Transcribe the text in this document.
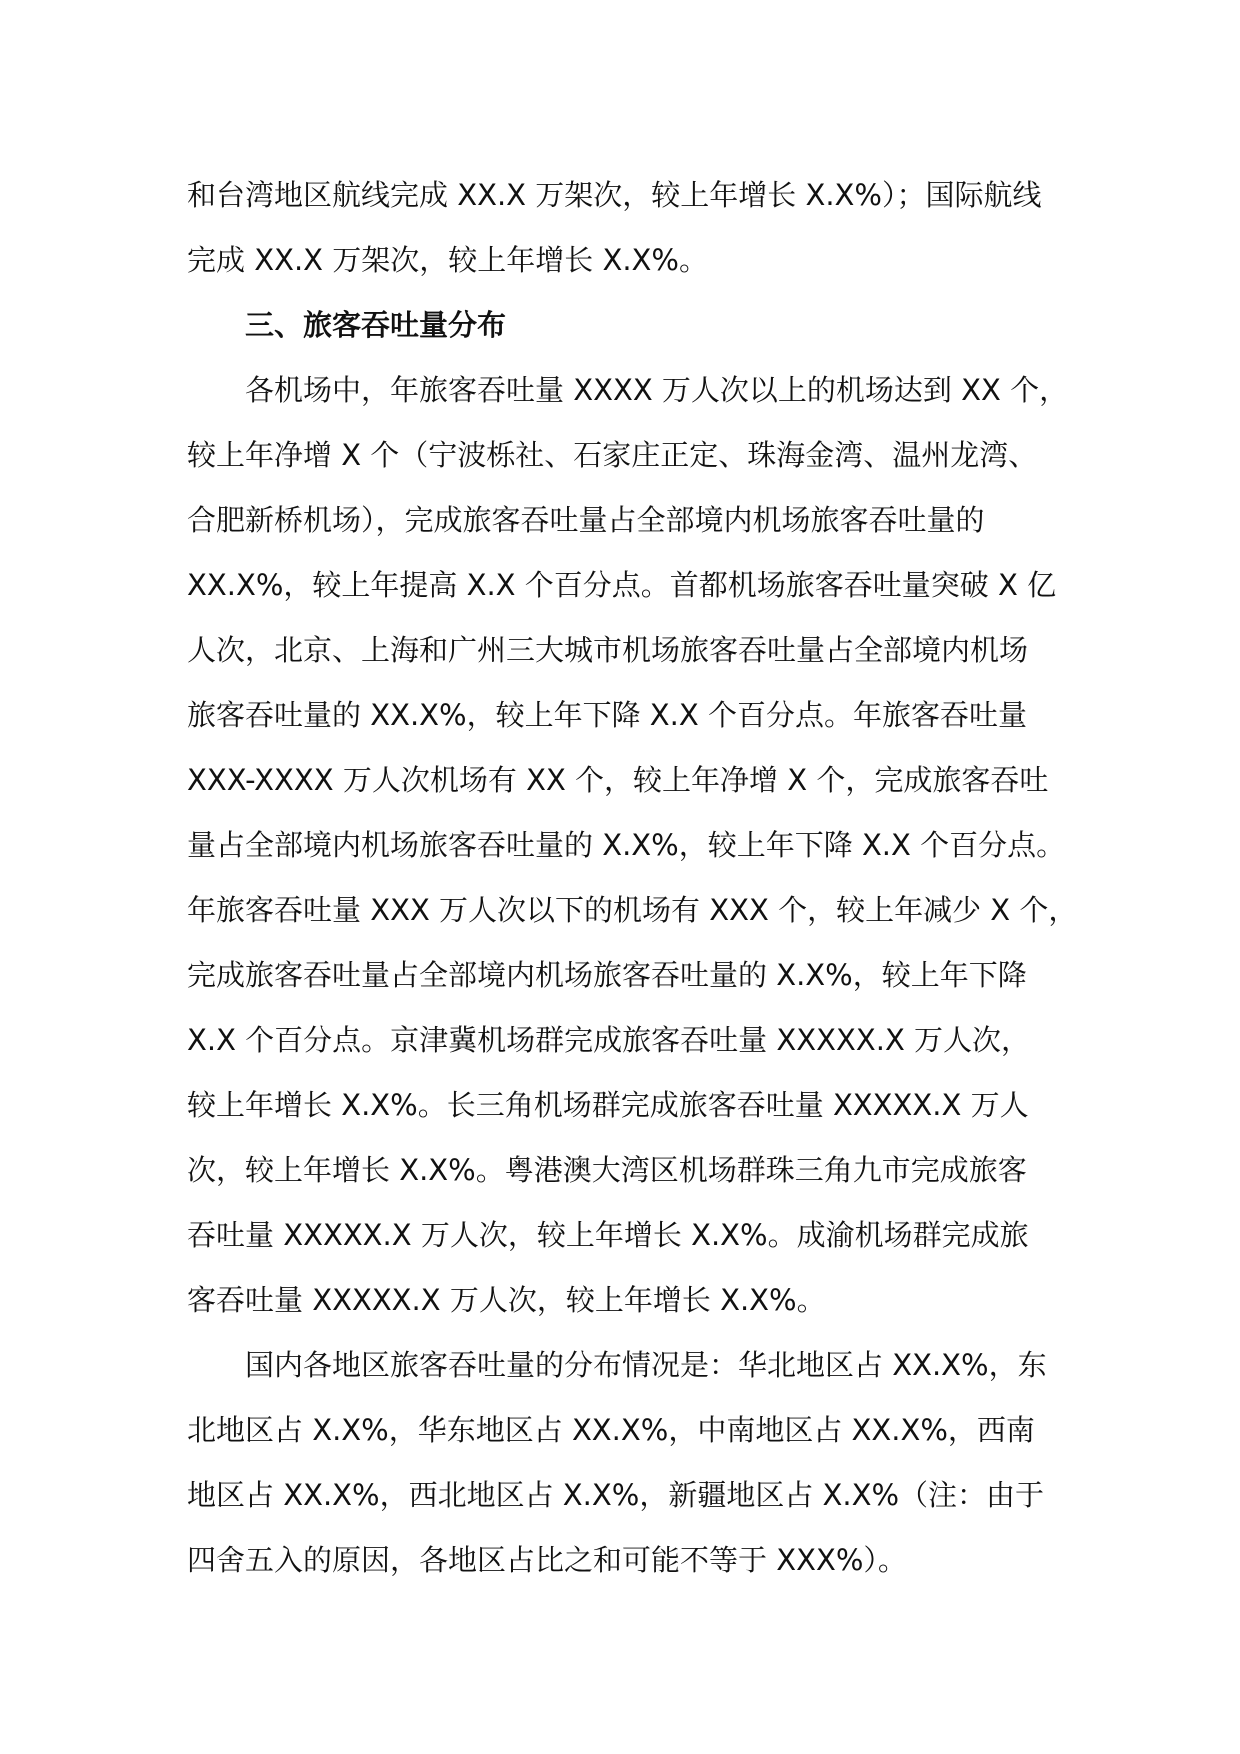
和台湾地区航线完成 XX.X 万架次，较上年增长 X.X%）；国际航线
完成 XX.X 万架次，较上年增长 X.X%。
三、旅客吞吐量分布
各机场中，年旅客吞吐量 XXXX 万人次以上的机场达到 XX 个，
较上年净增 X 个（宁波栎社、石家庄正定、珠海金湾、温州龙湾、
合肥新桥机场），完成旅客吞吐量占全部境内机场旅客吞吐量的
XX.X%，较上年提高 X.X 个百分点。首都机场旅客吞吐量突破 X 亿
人次，北京、上海和广州三大城市机场旅客吞吐量占全部境内机场
旅客吞吐量的 XX.X%，较上年下降 X.X 个百分点。年旅客吞吐量
XXX-XXXX 万人次机场有 XX 个，较上年净增 X 个，完成旅客吞吐
量占全部境内机场旅客吞吐量的 X.X%，较上年下降 X.X 个百分点。
年旅客吞吐量 XXX 万人次以下的机场有 XXX 个，较上年减少 X 个，
完成旅客吞吐量占全部境内机场旅客吞吐量的 X.X%，较上年下降
X.X 个百分点。京津冀机场群完成旅客吞吐量 XXXXX.X 万人次，
较上年增长 X.X%。长三角机场群完成旅客吞吐量 XXXXX.X 万人
次，较上年增长 X.X%。粤港澳大湾区机场群珠三角九市完成旅客
吞吐量 XXXXX.X 万人次，较上年增长 X.X%。成渝机场群完成旅
客吞吐量 XXXXX.X 万人次，较上年增长 X.X%。
国内各地区旅客吞吐量的分布情况是：华北地区占 XX.X%，东
北地区占 X.X%，华东地区占 XX.X%，中南地区占 XX.X%，西南
地区占 XX.X%，西北地区占 X.X%，新疆地区占 X.X%（注：由于
四舍五入的原因，各地区占比之和可能不等于 XXX%）。
